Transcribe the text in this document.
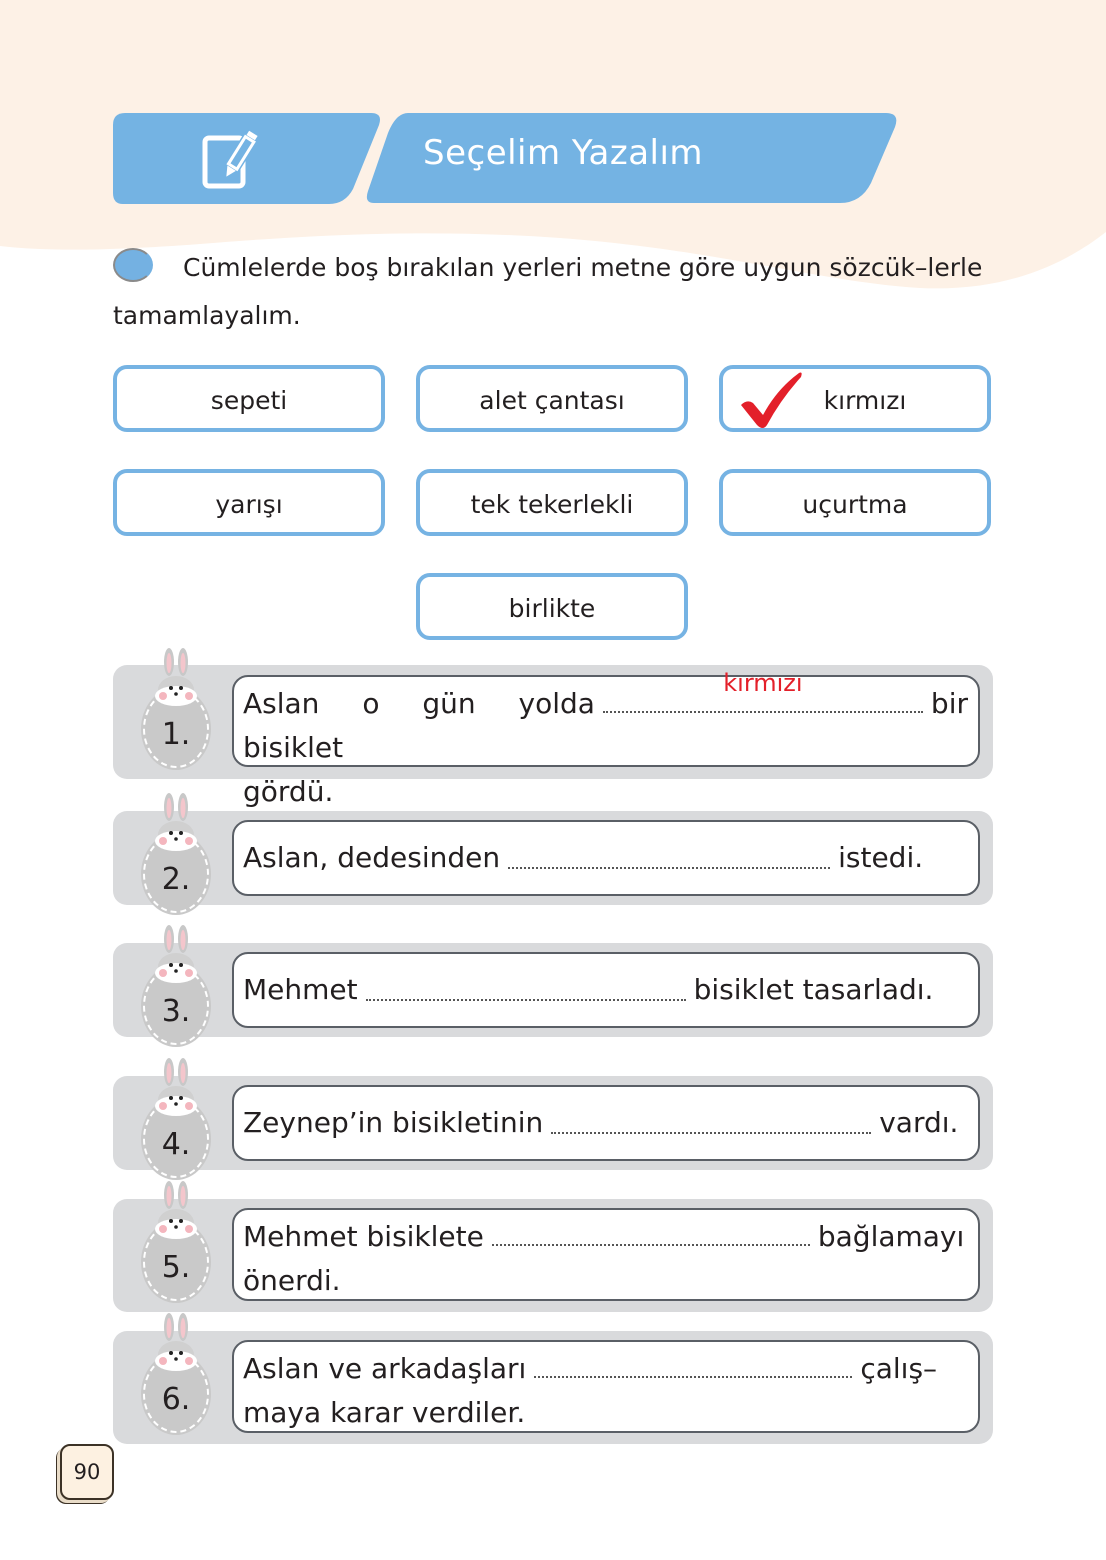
Seçelim Yazalım
Cümlelerde boş bırakılan yerleri metne göre uygun sözcük–lerle tamamlayalım.
sepeti	alet çantası	kırmızı
yarışı	tek tekerlekli	uçurtma
birlikte
Aslan o gün yolda
kırmızı
bir bisiklet
gördü.
1.
Aslan, dedesinden	istedi.
2.
Mehmet	bisiklet tasarladı.
3.
Zeynep’in bisikletinin	vardı.
4.
Mehmet bisiklete	bağlamayı
önerdi.
5.
Aslan ve arkadaşları	çalış–
maya karar verdiler.
6.
90
